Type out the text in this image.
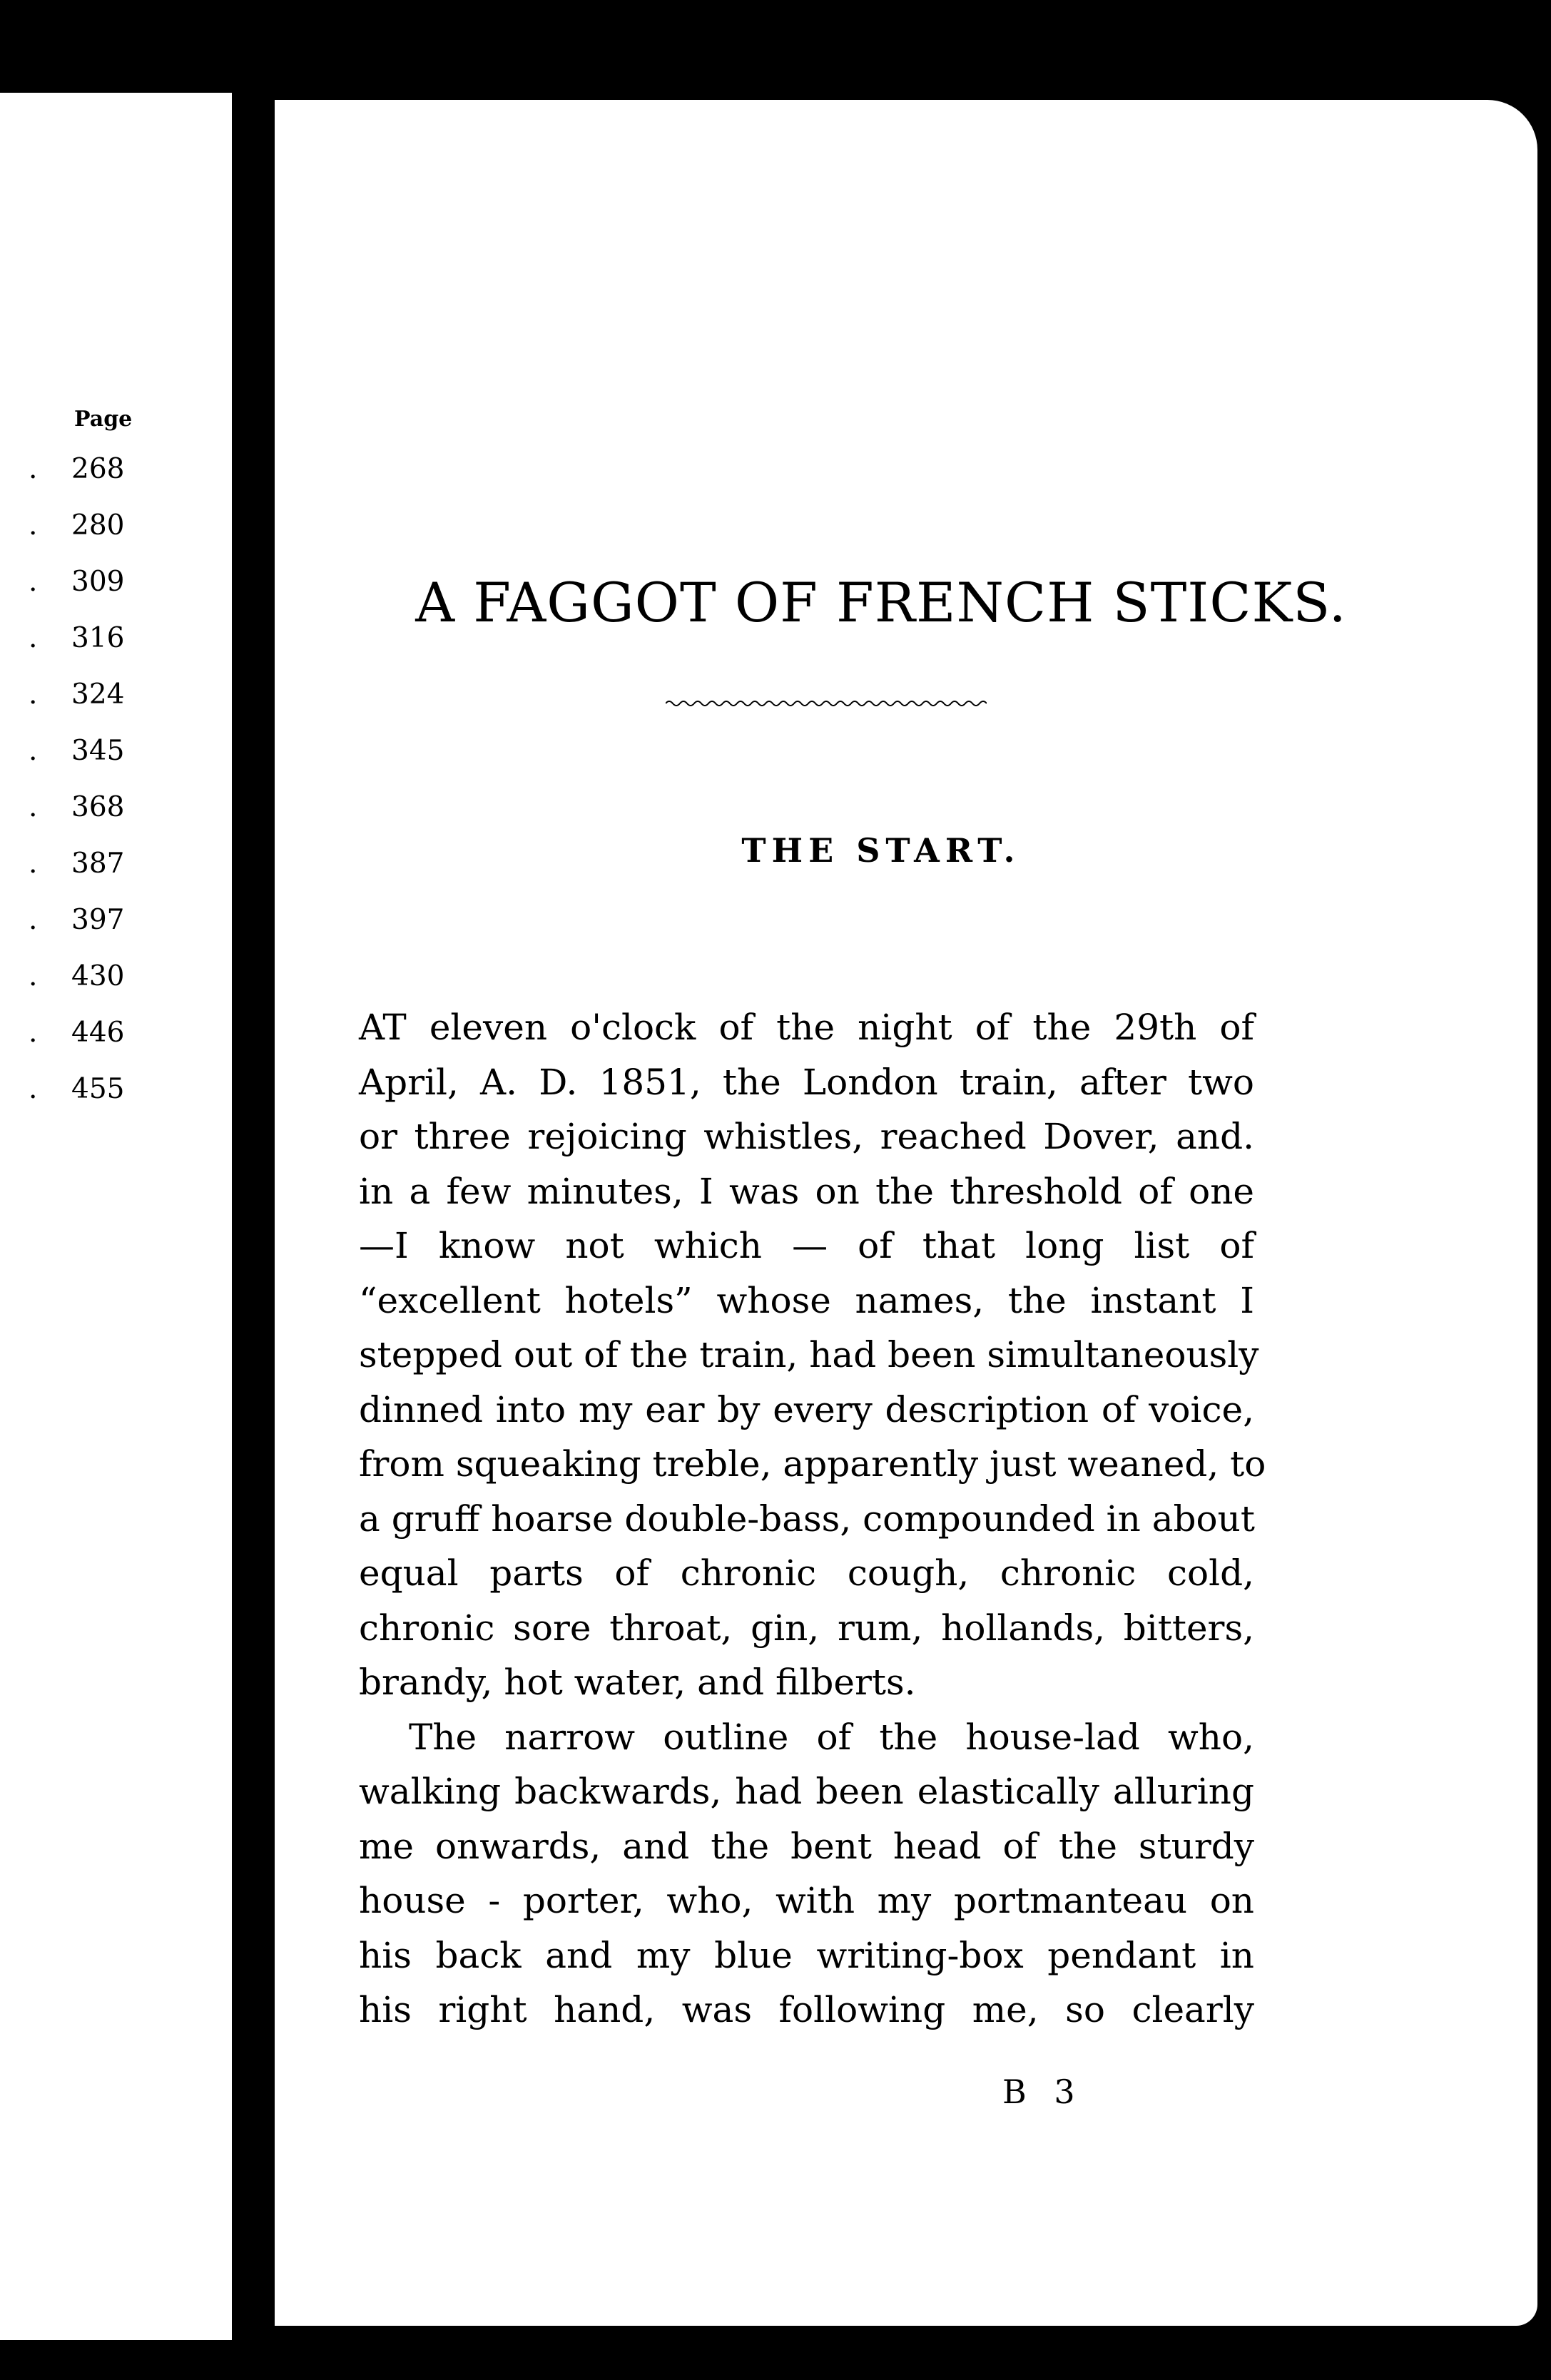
Page
. 268
. 280
. 309
. 316
. 324
. 345
. 368
. 387
. 397
. 430
. 446
. 455
A FAGGOT OF FRENCH STICKS.
THE START.

AT eleven o'clock of the night of the 29th of
April, A. D. 1851, the London train, after two
or three rejoicing whistles, reached Dover, and.
in a few minutes, I was on the threshold of one
—I know not which — of that long list of
“excellent hotels” whose names, the instant I
stepped out of the train, had been simultaneously
dinned into my ear by every description of voice,
from squeaking treble, apparently just weaned, to
a gruff hoarse double-bass, compounded in about
equal parts of chronic cough, chronic cold,
chronic sore throat, gin, rum, hollands, bitters,
brandy, hot water, and filberts.

The narrow outline of the house-lad who,
walking backwards, had been elastically alluring
me onwards, and the bent head of the sturdy
house - porter, who, with my portmanteau on
his back and my blue writing-box pendant in
his right hand, was following me, so clearly

B 3
